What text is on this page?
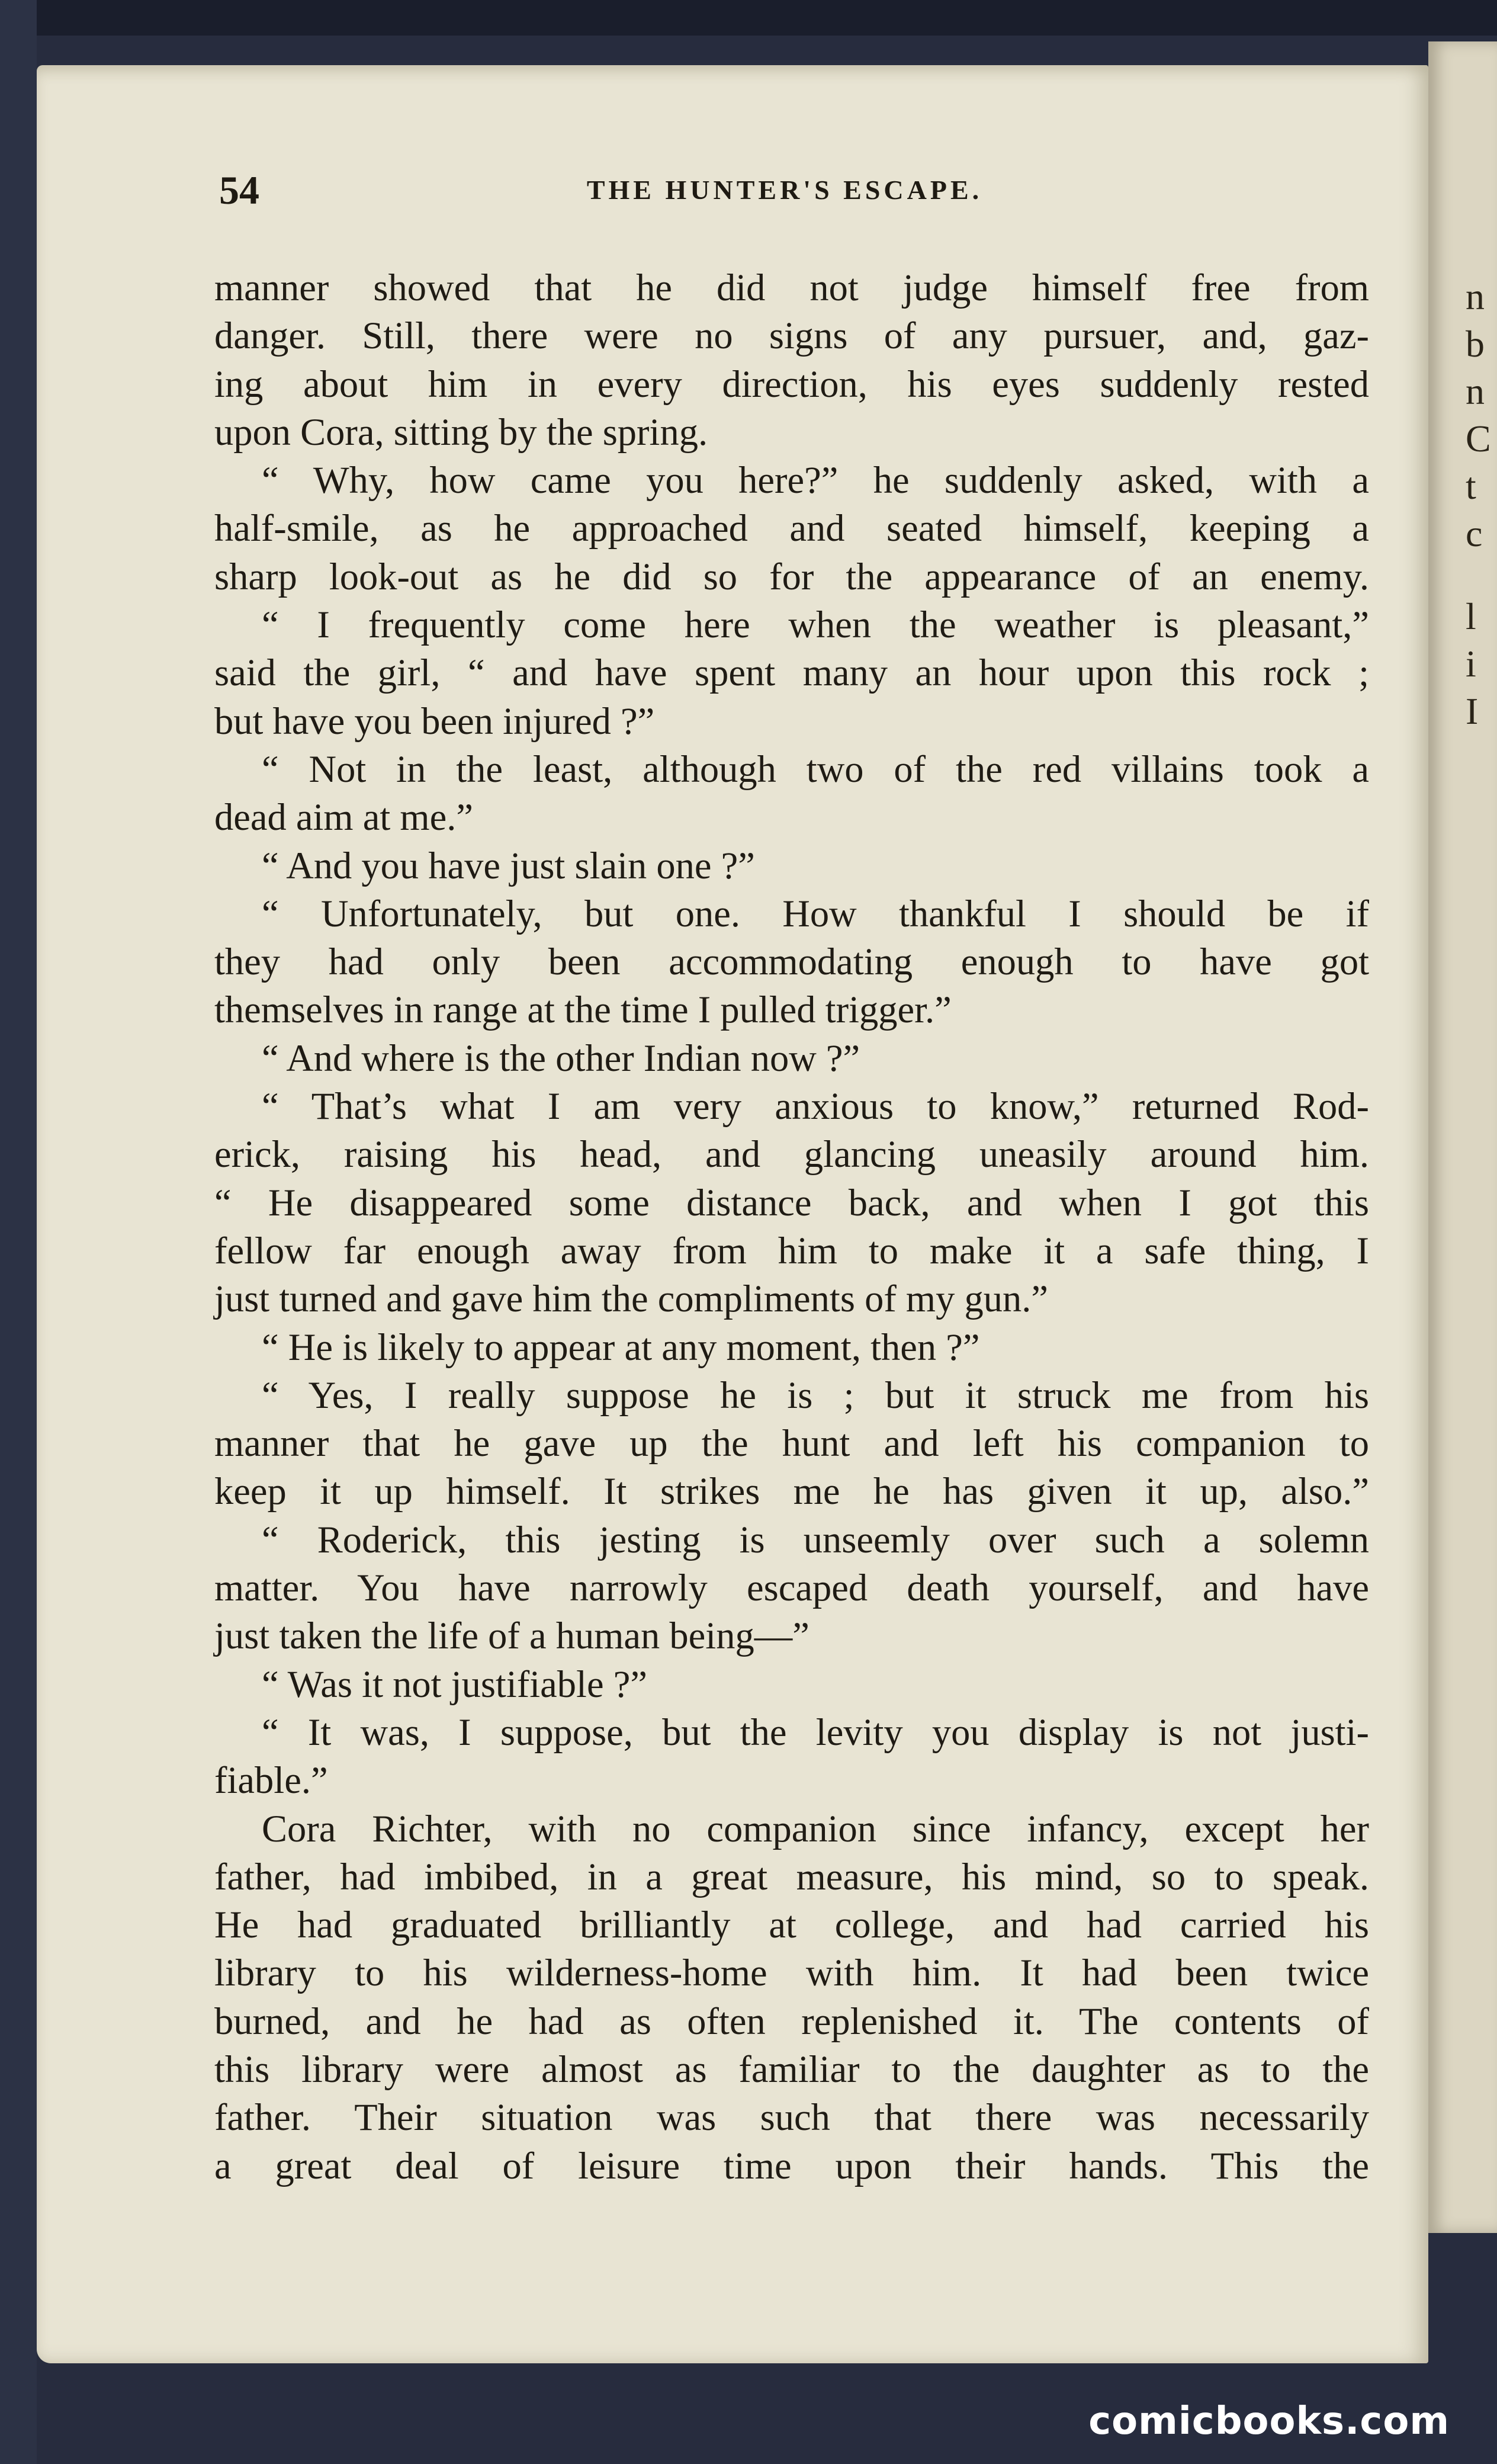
n
b
n
C
t
c
l
i
I
54	THE HUNTER'S ESCAPE.
manner showed that he did not judge himself free from
danger. Still, there were no signs of any pursuer, and, gaz-
ing about him in every direction, his eyes suddenly rested
upon Cora, sitting by the spring.
“ Why, how came you here?” he suddenly asked, with a
half-smile, as he approached and seated himself, keeping a
sharp look-out as he did so for the appearance of an enemy.
“ I frequently come here when the weather is pleasant,”
said the girl, “ and have spent many an hour upon this rock ;
but have you been injured ?”
“ Not in the least, although two of the red villains took a
dead aim at me.”
“ And you have just slain one ?”
“ Unfortunately, but one. How thankful I should be if
they had only been accommodating enough to have got
themselves in range at the time I pulled trigger.”
“ And where is the other Indian now ?”
“ That’s what I am very anxious to know,” returned Rod-
erick, raising his head, and glancing uneasily around him.
“ He disappeared some distance back, and when I got this
fellow far enough away from him to make it a safe thing, I
just turned and gave him the compliments of my gun.”
“ He is likely to appear at any moment, then ?”
“ Yes, I really suppose he is ; but it struck me from his
manner that he gave up the hunt and left his companion to
keep it up himself. It strikes me he has given it up, also.”
“ Roderick, this jesting is unseemly over such a solemn
matter. You have narrowly escaped death yourself, and have
just taken the life of a human being—”
“ Was it not justifiable ?”
“ It was, I suppose, but the levity you display is not justi-
fiable.”
Cora Richter, with no companion since infancy, except her
father, had imbibed, in a great measure, his mind, so to speak.
He had graduated brilliantly at college, and had carried his
library to his wilderness-home with him. It had been twice
burned, and he had as often replenished it. The contents of
this library were almost as familiar to the daughter as to the
father. Their situation was such that there was necessarily
a great deal of leisure time upon their hands. This the
comicbooks.com
